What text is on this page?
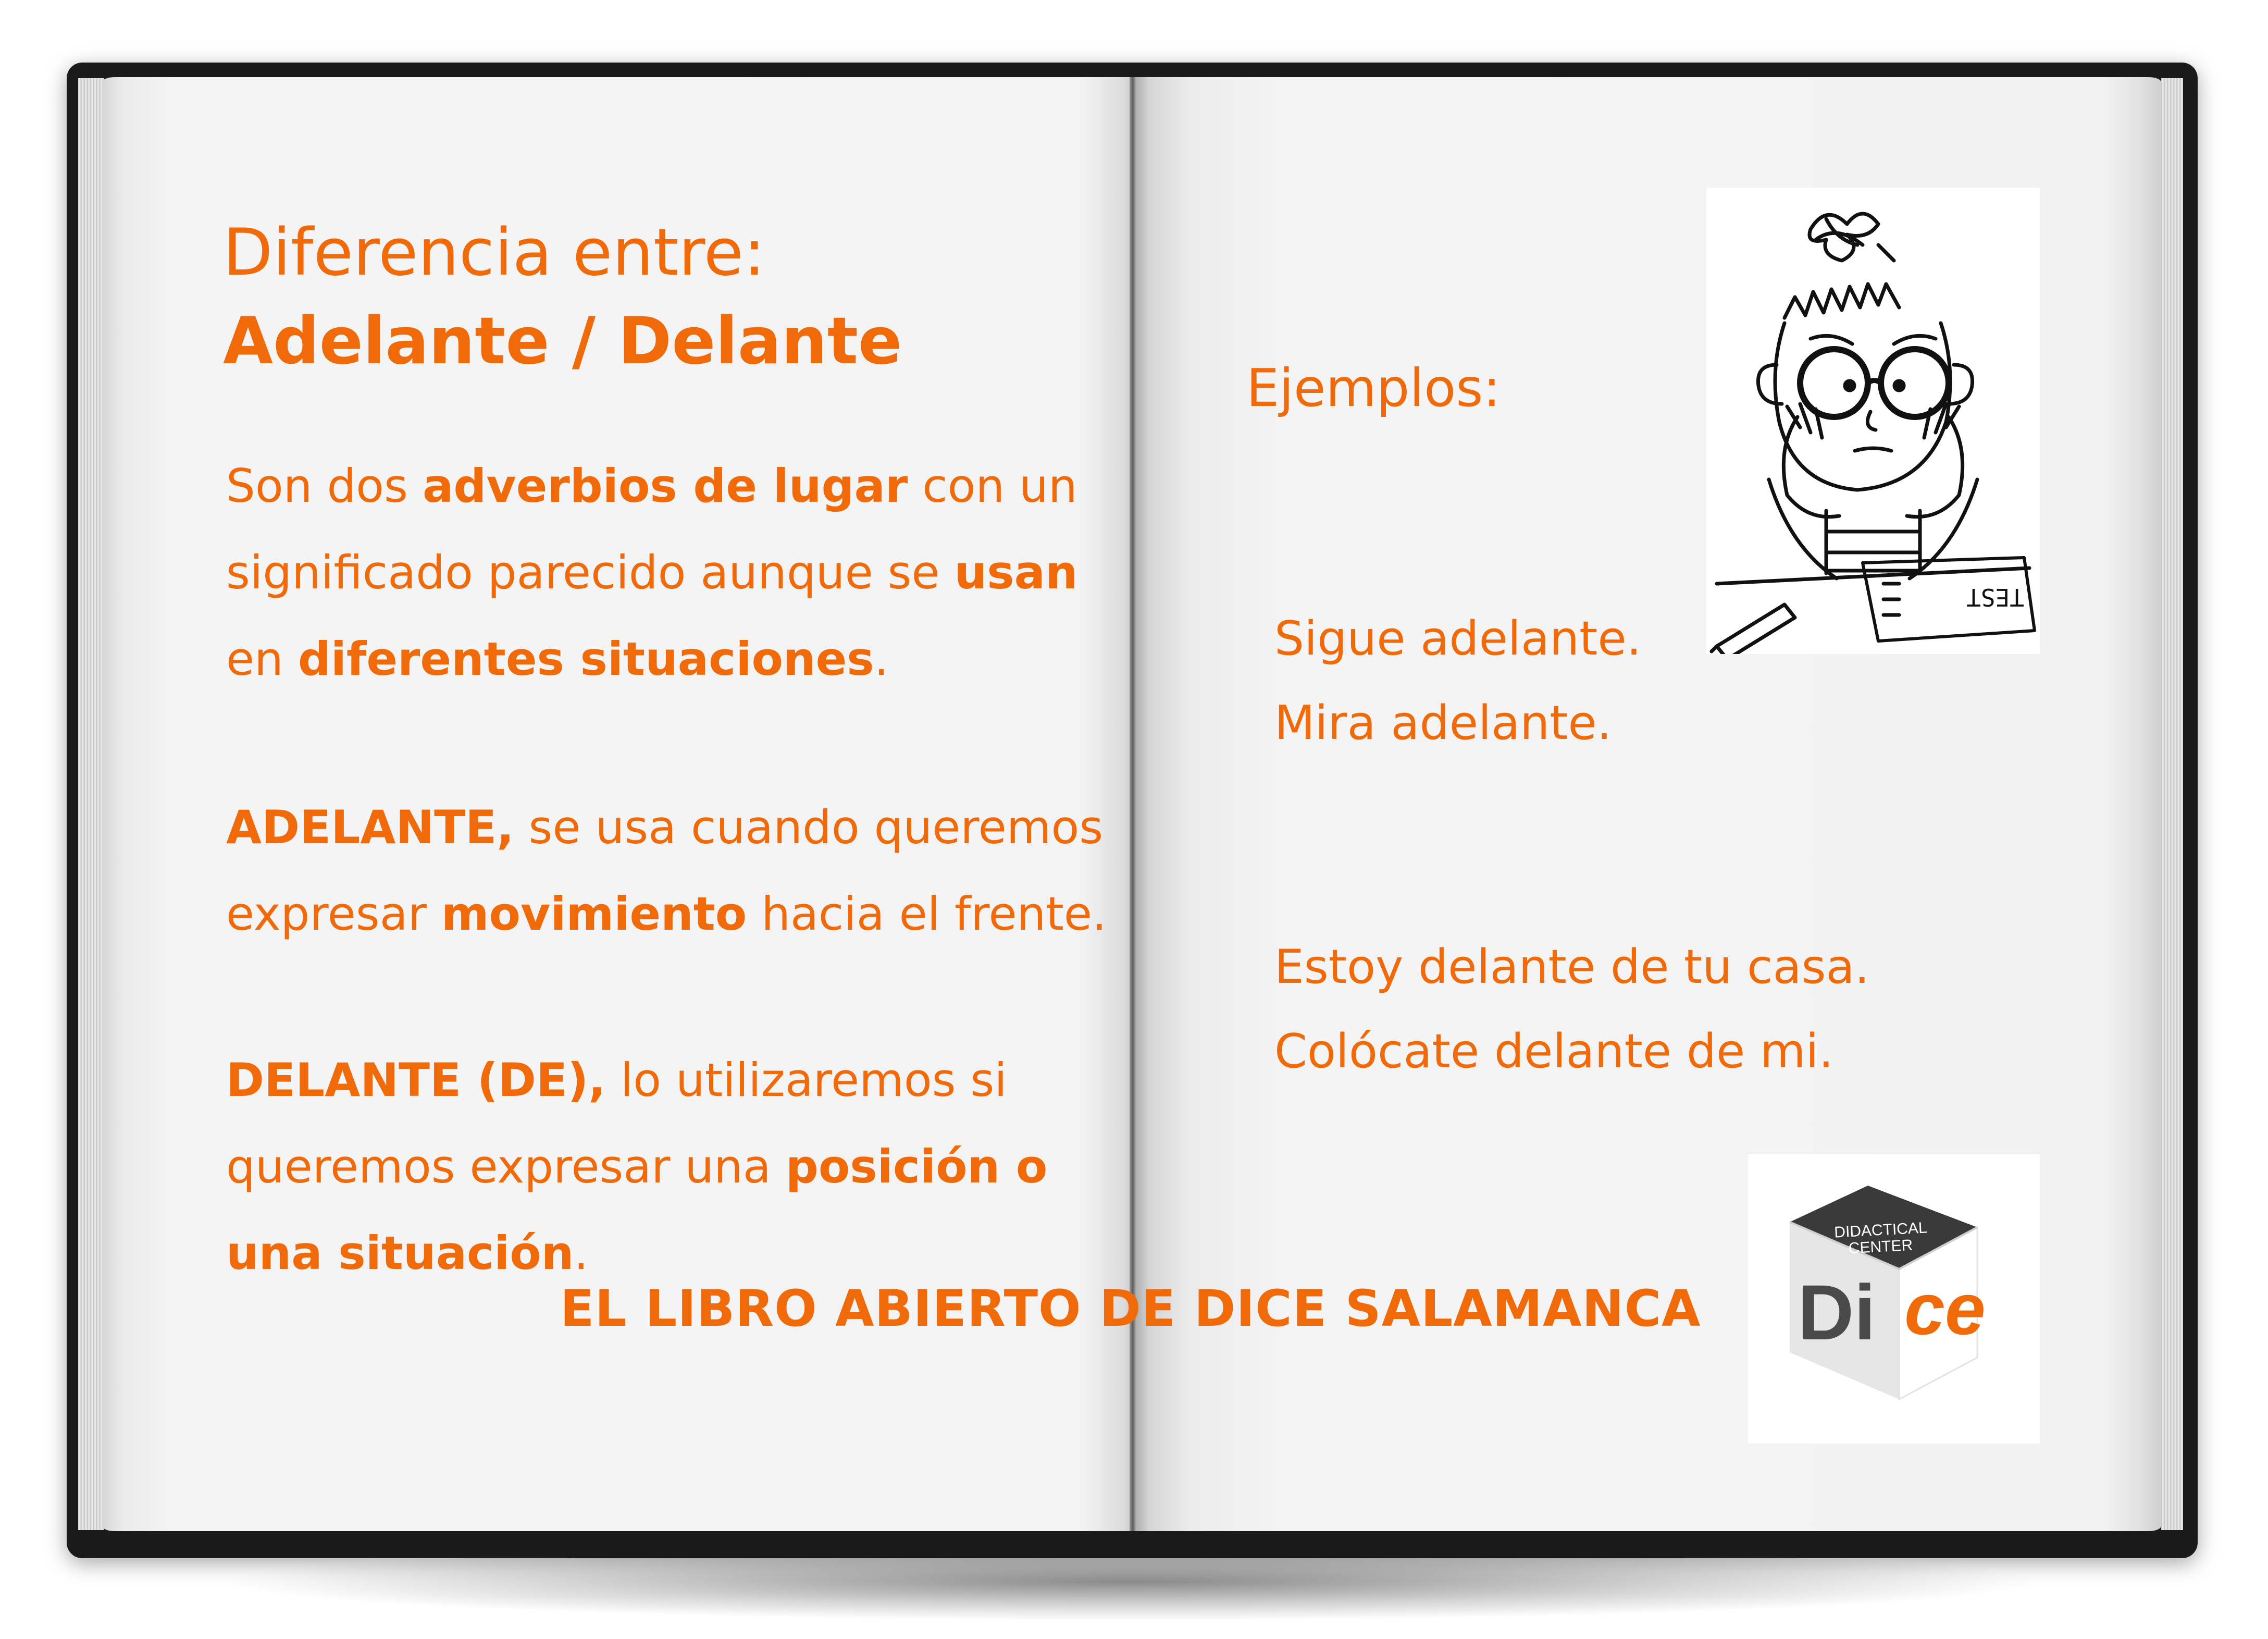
Diferencia entre:
Adelante / Delante
Son dos adverbios de lugar con un significado parecido aunque se usan en diferentes situaciones.
ADELANTE, se usa cuando queremos expresar movimiento hacia el frente.
DELANTE (DE), lo utilizaremos si queremos expresar una posición o una situación.
Ejemplos:
Sigue adelante.
Mira adelante.
Estoy delante de tu casa.
Colócate delante de mi.
TEST
EL LIBRO ABIERTO DE DICE SALAMANCA
DIDACTICAL
CENTER
Di ce
